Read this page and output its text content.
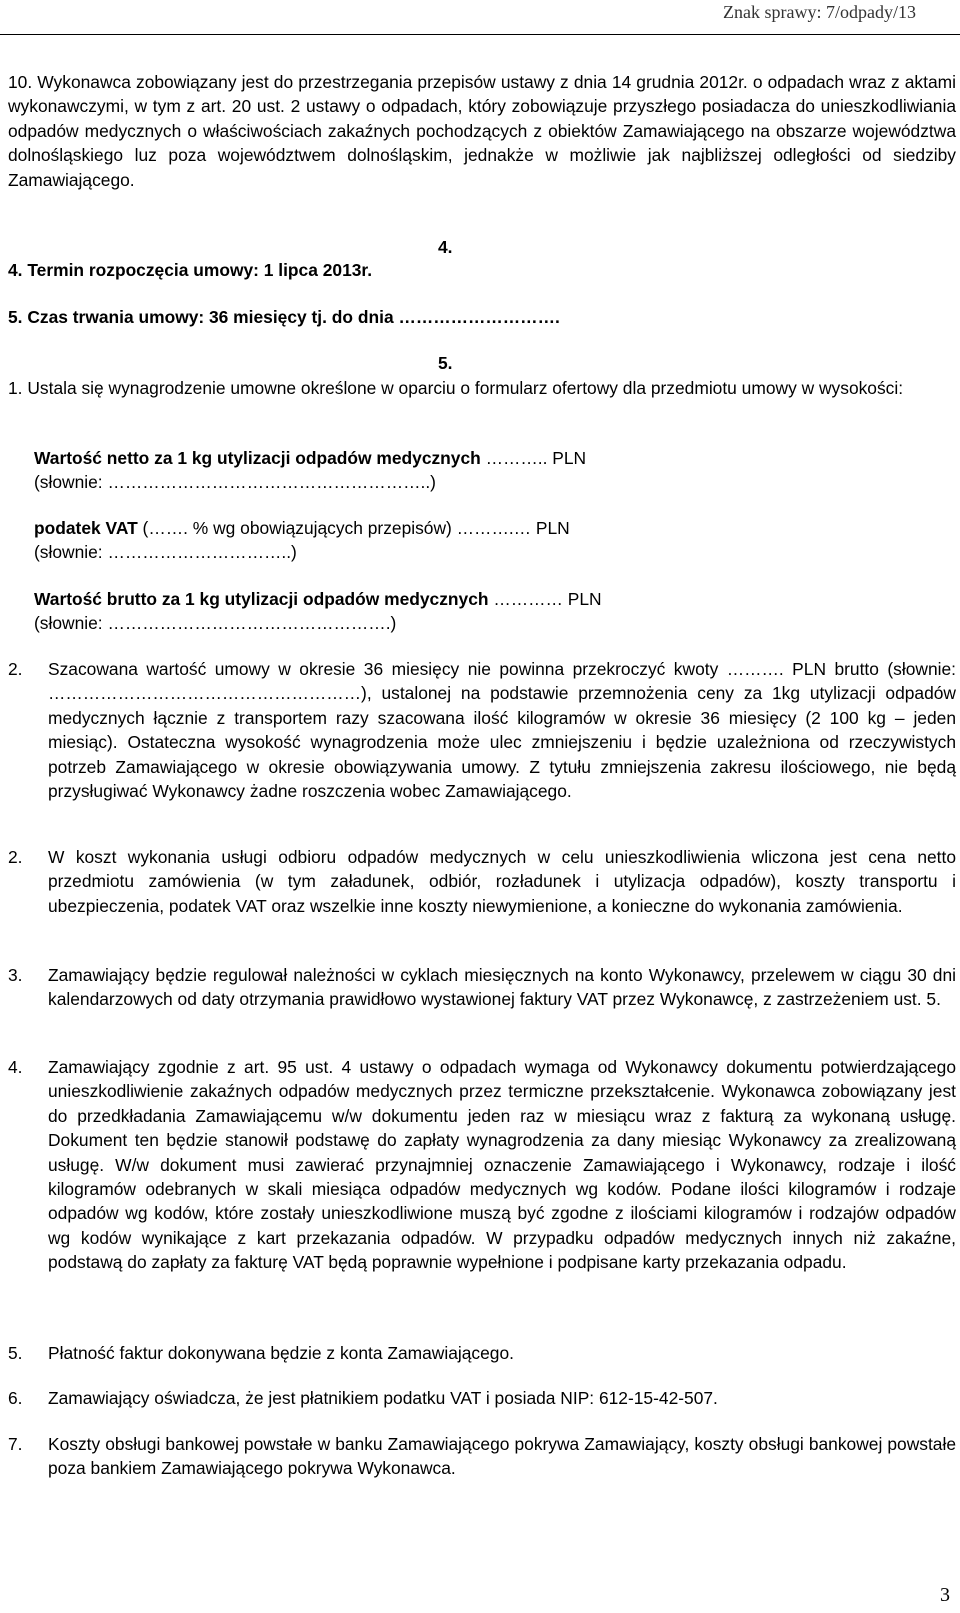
Znak sprawy: 7/odpady/13
10. Wykonawca zobowiązany jest do przestrzegania przepisów ustawy z dnia 14 grudnia 2012r. o odpadach wraz z aktami wykonawczymi, w tym z art. 20 ust. 2 ustawy o odpadach, który zobowiązuje przyszłego posiadacza do unieszkodliwiania odpadów medycznych o właściwościach zakaźnych pochodzących z obiektów Zamawiającego na obszarze województwa dolnośląskiego luz poza województwem dolnośląskim, jednakże w możliwie jak najbliższej odległości od siedziby Zamawiającego.
4.
4. Termin rozpoczęcia umowy: 1 lipca 2013r.
5. Czas trwania umowy: 36 miesięcy tj. do dnia ……………………….
5.
1. Ustala się wynagrodzenie umowne określone w oparciu o formularz ofertowy dla przedmiotu umowy w wysokości:
Wartość netto za 1 kg utylizacji odpadów medycznych ……….. PLN
(słownie: ………………………………………………..)
podatek VAT (……. % wg obowiązujących przepisów) ……….… PLN
(słownie: …………………………..)
Wartość brutto za 1 kg utylizacji odpadów medycznych ………… PLN
(słownie: ………………………………………….)
2. Szacowana wartość umowy w okresie 36 miesięcy nie powinna przekroczyć kwoty ………. PLN brutto (słownie: ………………………………………………), ustalonej na podstawie przemnożenia ceny za 1kg utylizacji odpadów medycznych łącznie z transportem razy szacowana ilość kilogramów w okresie 36 miesięcy (2 100 kg – jeden miesiąc). Ostateczna wysokość wynagrodzenia może ulec zmniejszeniu i będzie uzależniona od rzeczywistych potrzeb Zamawiającego w okresie obowiązywania umowy. Z tytułu zmniejszenia zakresu ilościowego, nie będą przysługiwać Wykonawcy żadne roszczenia wobec Zamawiającego.
2. W koszt wykonania usługi odbioru odpadów medycznych w celu unieszkodliwienia wliczona jest cena netto przedmiotu zamówienia (w tym załadunek, odbiór, rozładunek i utylizacja odpadów), koszty transportu i ubezpieczenia, podatek VAT oraz wszelkie inne koszty niewymienione, a konieczne do wykonania zamówienia.
3. Zamawiający będzie regulował należności w cyklach miesięcznych na konto Wykonawcy, przelewem w ciągu 30 dni kalendarzowych od daty otrzymania prawidłowo wystawionej faktury VAT przez Wykonawcę, z zastrzeżeniem ust. 5.
4. Zamawiający zgodnie z art. 95 ust. 4 ustawy o odpadach wymaga od Wykonawcy dokumentu potwierdzającego unieszkodliwienie zakaźnych odpadów medycznych przez termiczne przekształcenie. Wykonawca zobowiązany jest do przedkładania Zamawiającemu w/w dokumentu jeden raz w miesiącu wraz z fakturą za wykonaną usługę. Dokument ten będzie stanowił podstawę do zapłaty wynagrodzenia za dany miesiąc Wykonawcy za zrealizowaną usługę. W/w dokument musi zawierać przynajmniej oznaczenie Zamawiającego i Wykonawcy, rodzaje i ilość kilogramów odebranych w skali miesiąca odpadów medycznych wg kodów. Podane ilości kilogramów i rodzaje odpadów wg kodów, które zostały unieszkodliwione muszą być zgodne z ilościami kilogramów i rodzajów odpadów wg kodów wynikające z kart przekazania odpadów. W przypadku odpadów medycznych innych niż zakaźne, podstawą do zapłaty za fakturę VAT będą poprawnie wypełnione i podpisane karty przekazania odpadu.
5. Płatność faktur dokonywana będzie z konta Zamawiającego.
6. Zamawiający oświadcza, że jest płatnikiem podatku VAT i posiada NIP: 612-15-42-507.
7. Koszty obsługi bankowej powstałe w banku Zamawiającego pokrywa Zamawiający, koszty obsługi bankowej powstałe poza bankiem Zamawiającego pokrywa Wykonawca.
3
